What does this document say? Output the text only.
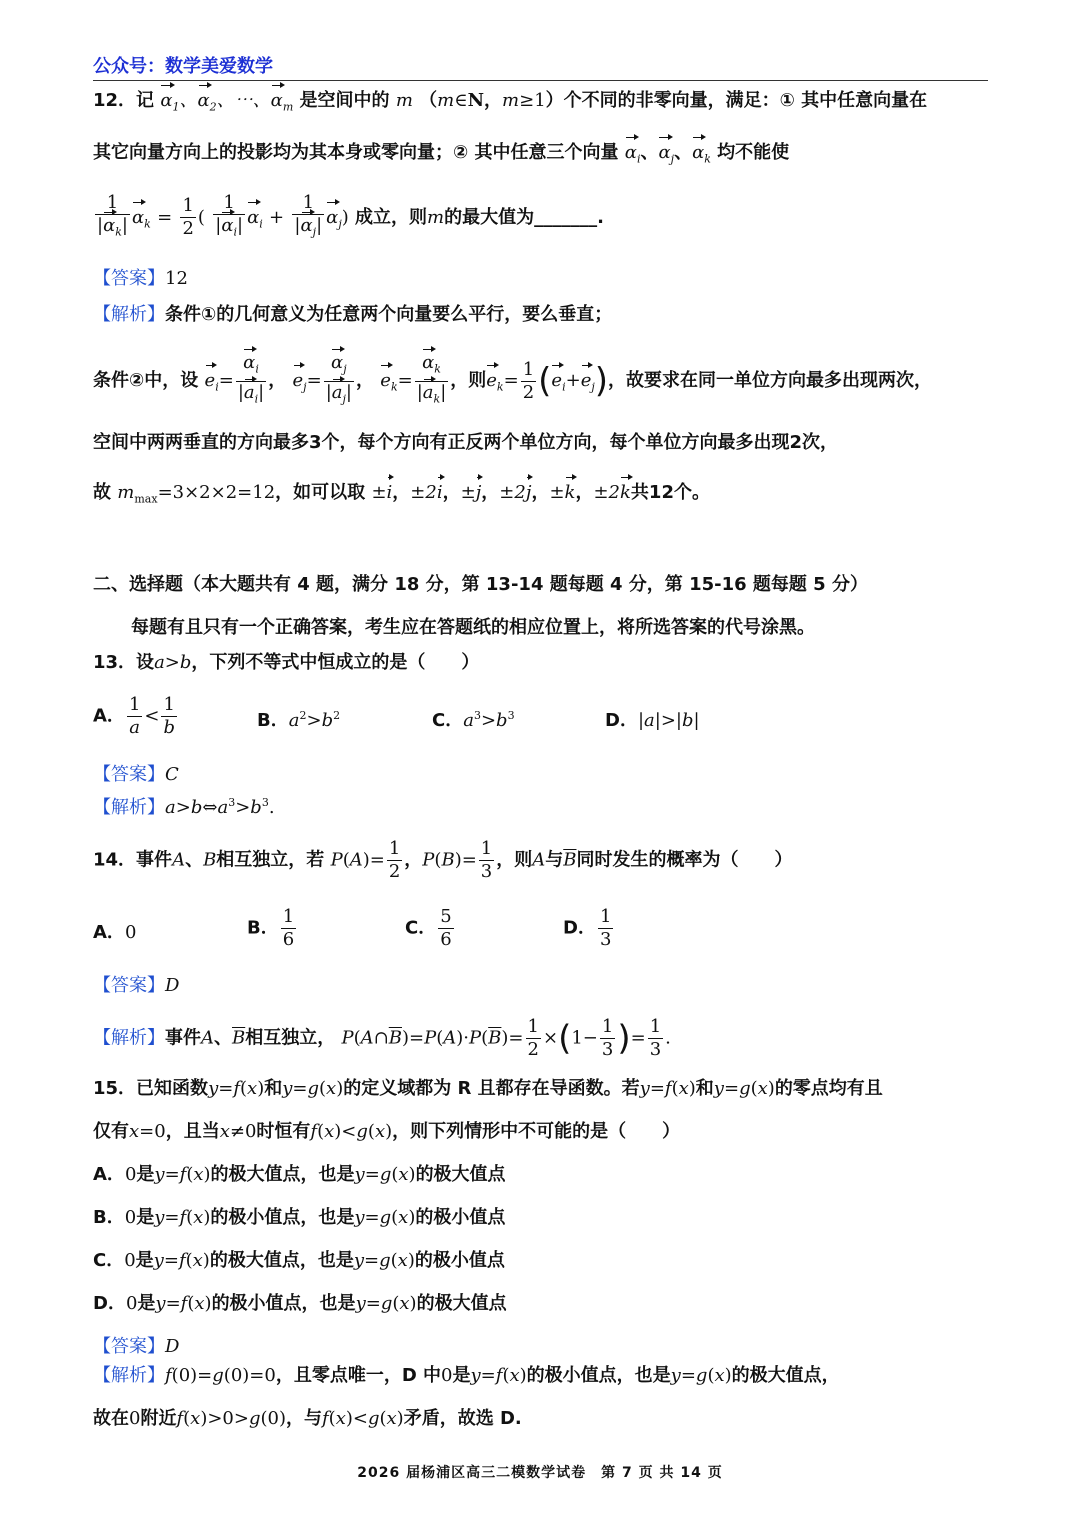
公众号：数学美爱数学
12．记 $\alpha_1$、$\alpha_2$、⋯、$\alpha_m$ 是空间中的 m （m∈N，m≥1）个不同的非零向量，满足：① 其中任意向量在
其它向量方向上的投影均为其本身或零向量；② 其中任意三个向量 $\alpha_i$、$\alpha_j$、$\alpha_k$ 均不能使
$\frac{1}{|\alpha_k|} \alpha_k = \frac{1}{2}$ ( $\frac{1}{|\alpha_i|} \alpha_i + \frac{1}{|\alpha_j|} \alpha_j$) 成立，则m的最大值为_______.
【答案】12
【解析】条件①的几何意义为任意两个向量要么平行，要么垂直；
条件②中，设 $e_i= \frac{\alpha_i}{|a_i|}$ ， $e_j= \frac{\alpha_j}{|a_j|}$ ， $e_k= \frac{\alpha_k}{|a_k|}$ ，则$e_k= \frac{1}{2} (e_i+e_j)$，故要求在同一单位方向最多出现两次，
空间中两两垂直的方向最多3个，每个方向有正反两个单位方向，每个单位方向最多出现2次，
故 $m_{max}=3\times 2\times 2=12$，如可以取 ±i，±2i，±j，±2j，±k，±2k共12个。
二、选择题（本大题共有 4 题，满分 18 分，第 13-14 题每题 4 分，第 15-16 题每题 5 分）
每题有且只有一个正确答案，考生应在答题纸的相应位置上，将所选答案的代号涂黑。
13．设a>b，下列不等式中恒成立的是（　　）
A． $\frac{1}{a} < \frac{1}{b}$	B．$a^2>b^2$	C．$a^3>b^3$	D．|a|>|b|
【答案】C
【解析】$a>b\Leftrightarrow a^3>b^3$.
14．事件A、B相互独立，若 $P(A)= \frac{1}{2}$ ，$P(B)= \frac{1}{3}$ ，则A与$\overline{B}$同时发生的概率为（　　）
A．0	B． $\frac{1}{6}$	C． $\frac{5}{6}$	D． $\frac{1}{3}$
【答案】D
【解析】事件A、$\overline{B}$相互独立， $P(A\cap\overline{B})=P(A)\cdot P(\overline{B})= \frac{1}{2} \times(1- \frac{1}{3}$ )= $\frac{1}{3}$ .
15．已知函数y=f(x)和y=g(x)的定义域都为 R 且都存在导函数。若y=f(x)和y=g(x)的零点均有且
仅有x=0，且当x≠0时恒有f(x)<g(x)，则下列情形中不可能的是（　　）
A．0是y=f(x)的极大值点，也是y=g(x)的极大值点
B．0是y=f(x)的极小值点，也是y=g(x)的极小值点
C．0是y=f(x)的极大值点，也是y=g(x)的极小值点
D．0是y=f(x)的极小值点，也是y=g(x)的极大值点
【答案】D
【解析】f(0)=g(0)=0，且零点唯一，D 中0是y=f(x)的极小值点，也是y=g(x)的极大值点，
故在0附近f(x)>0>g(0)，与f(x)<g(x)矛盾，故选 D.
2026 届杨浦区高三二模数学试卷　第 7 页 共 14 页
